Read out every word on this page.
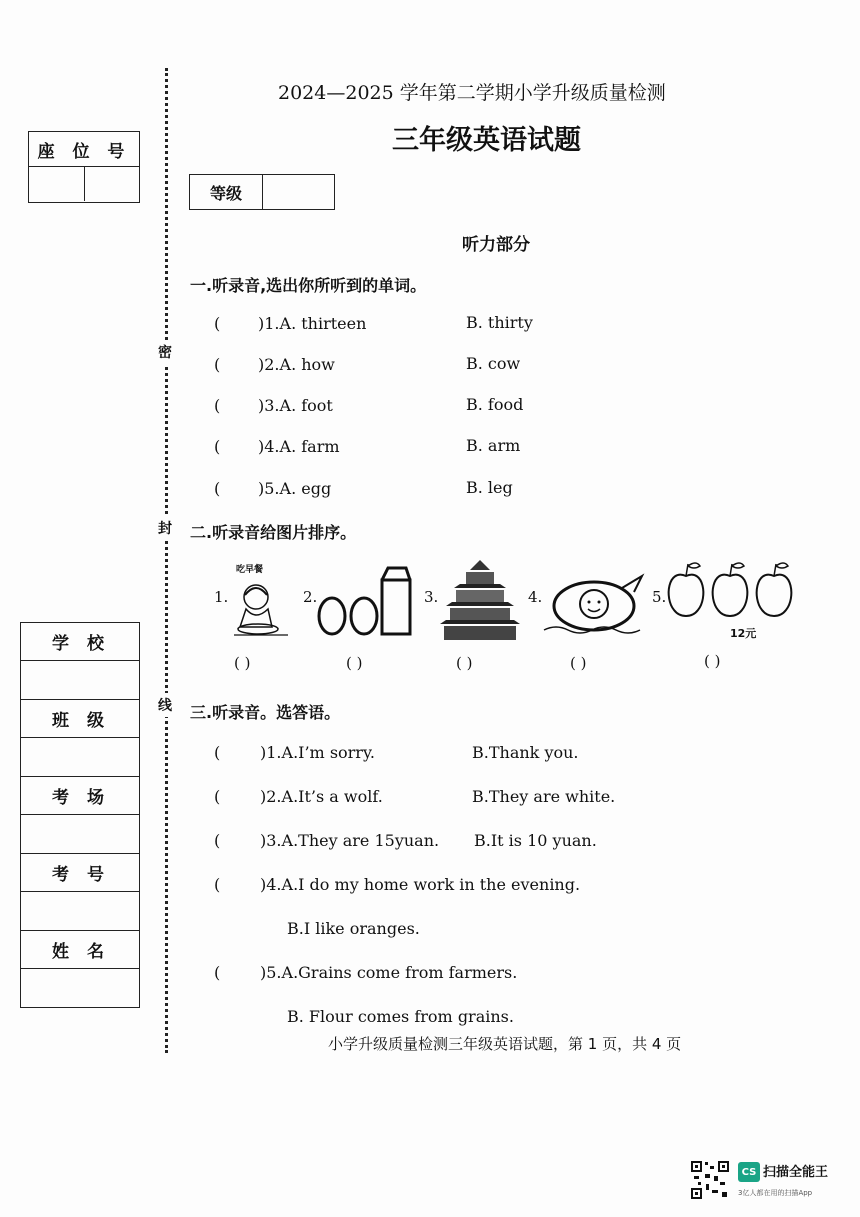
密
封
线
座 位 号
学校
班级
考场
考号
姓名
2024—2025 学年第二学期小学升级质量检测
三年级英语试题
等级
听力部分
一.听录音,选出你所听到的单词。
( )1.A. thirteen	B. thirty
( )2.A. how	B. cow
( )3.A. foot	B. food
( )4.A. farm	B. arm
( )5.A. egg	B. leg
二.听录音给图片排序。
1.
吃早餐
2.	3.	4.	5.
12元
( )	( )	( )	( )	( )
三.听录音。选答语。
( )1.A.I’m sorry.	B.Thank you.
( )2.A.It’s a wolf.	B.They are white.
( )3.A.They are 15yuan. B.It is 10 yuan.
( )4.A.I do my home work in the evening.
B.I like oranges.
( )5.A.Grains come from farmers.
B. Flour comes from grains.
小学升级质量检测三年级英语试题，第 1 页，共 4 页
CS 扫描全能王
3亿人都在用的扫描App
